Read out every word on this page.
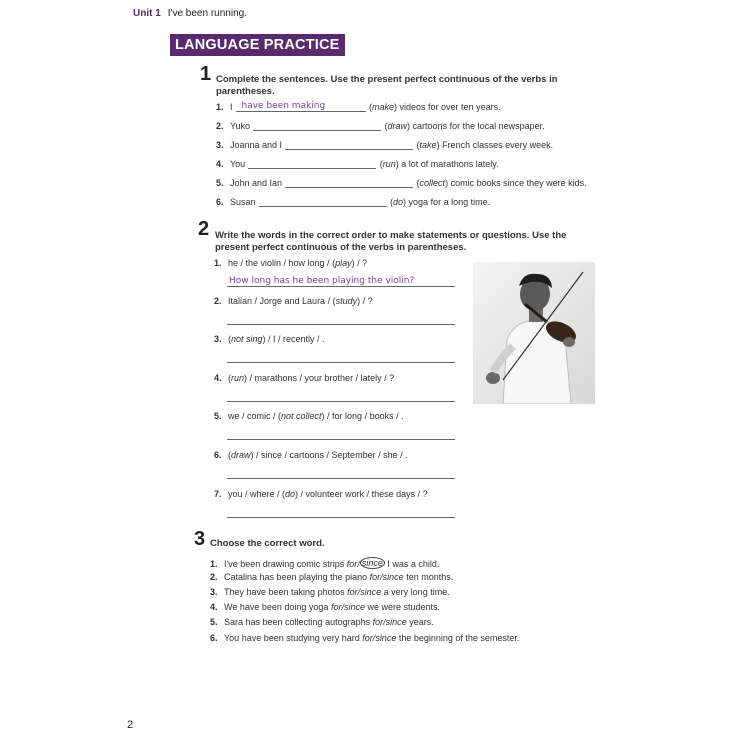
Unit 1 I've been running.
LANGUAGE PRACTICE
1 Complete the sentences. Use the present perfect continuous of the verbs in
parentheses.
1. I have been making	( make ) videos for over ten years.
2. Yuko	( draw ) cartoons for the local newspaper.
3. Joanna and I	( take ) French classes every week.
4. You	( run ) a lot of marathons lately.
5. John and Ian	( collect ) comic books since they were kids.
6. Susan	( do ) yoga for a long time.
2 Write the words in the correct order to make statements or questions. Use the
present perfect continuous of the verbs in parentheses.
1. he / the violin / how long / ( play ) / ?
How long has he been playing the violin?
2. Italian / Jorge and Laura / ( study ) / ?
3. ( not sing ) / I / recently / .
4. ( run ) / marathons / your brother / lately / ?
5. we / comic / ( not collect ) / for long / books / .
6. ( draw ) / since / cartoons / September / she / .
7. you / where / ( do ) / volunteer work / these days / ?
3 Choose the correct word.
1. I've been drawing comic strips
for / since
I was a child.
2. Catalina has been playing the piano
for / since
ten months.
3. They have been taking photos
for / since
a very long time.
4. We have been doing yoga
for / since
we were students.
5. Sara has been collecting autographs
for / since
years.
6. You have been studying very hard
for / since
the beginning of the semester.
2
